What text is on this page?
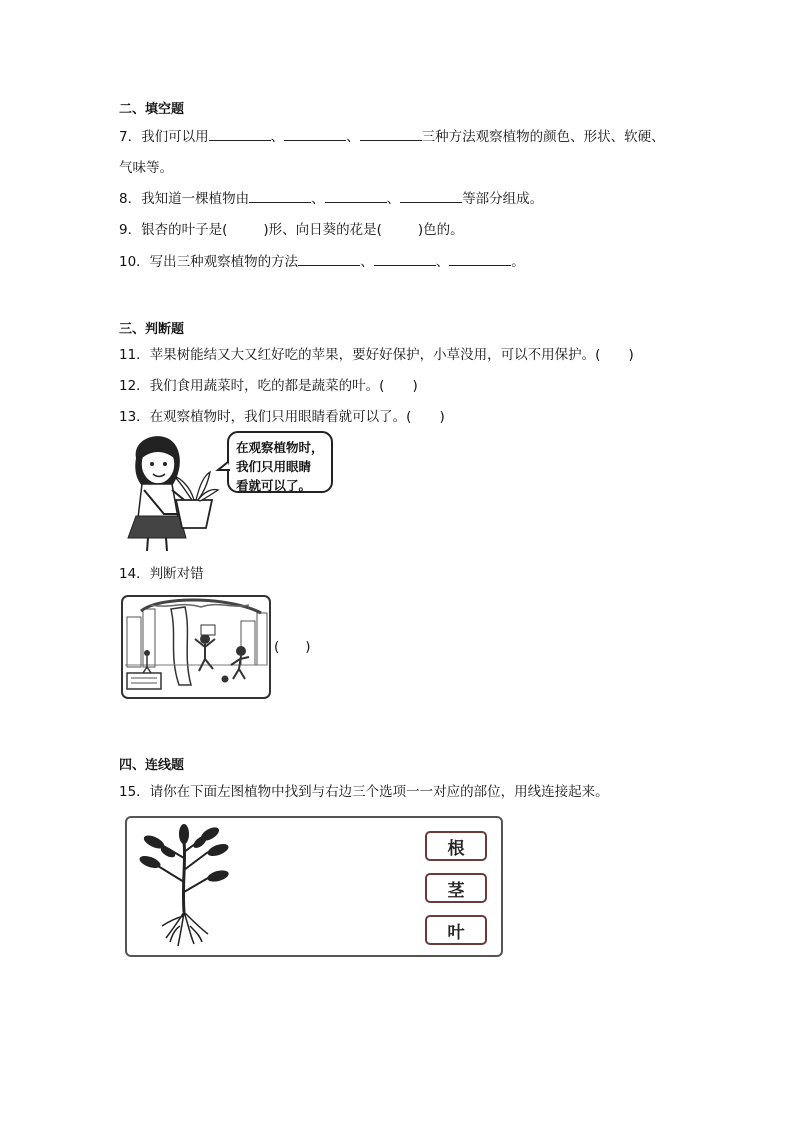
二、填空题
7．我们可以用	、	、	三种方法观察植物的颜色、形状、软硬、
气味等。
8．我知道一棵植物由	、	、	等部分组成。
9．银杏的叶子是(	)形、向日葵的花是(	)色的。
10．写出三种观察植物的方法	、	、	。
三、判断题
11．苹果树能结又大又红好吃的苹果，要好好保护，小草没用，可以不用保护。( )
12．我们食用蔬菜时，吃的都是蔬菜的叶。( )
13．在观察植物时，我们只用眼睛看就可以了。( )
在观察植物时，
我们只用眼睛
看就可以了。
14．判断对错
( )
四、连线题
15．请你在下面左图植物中找到与右边三个选项一一对应的部位，用线连接起来。
根
茎
叶
